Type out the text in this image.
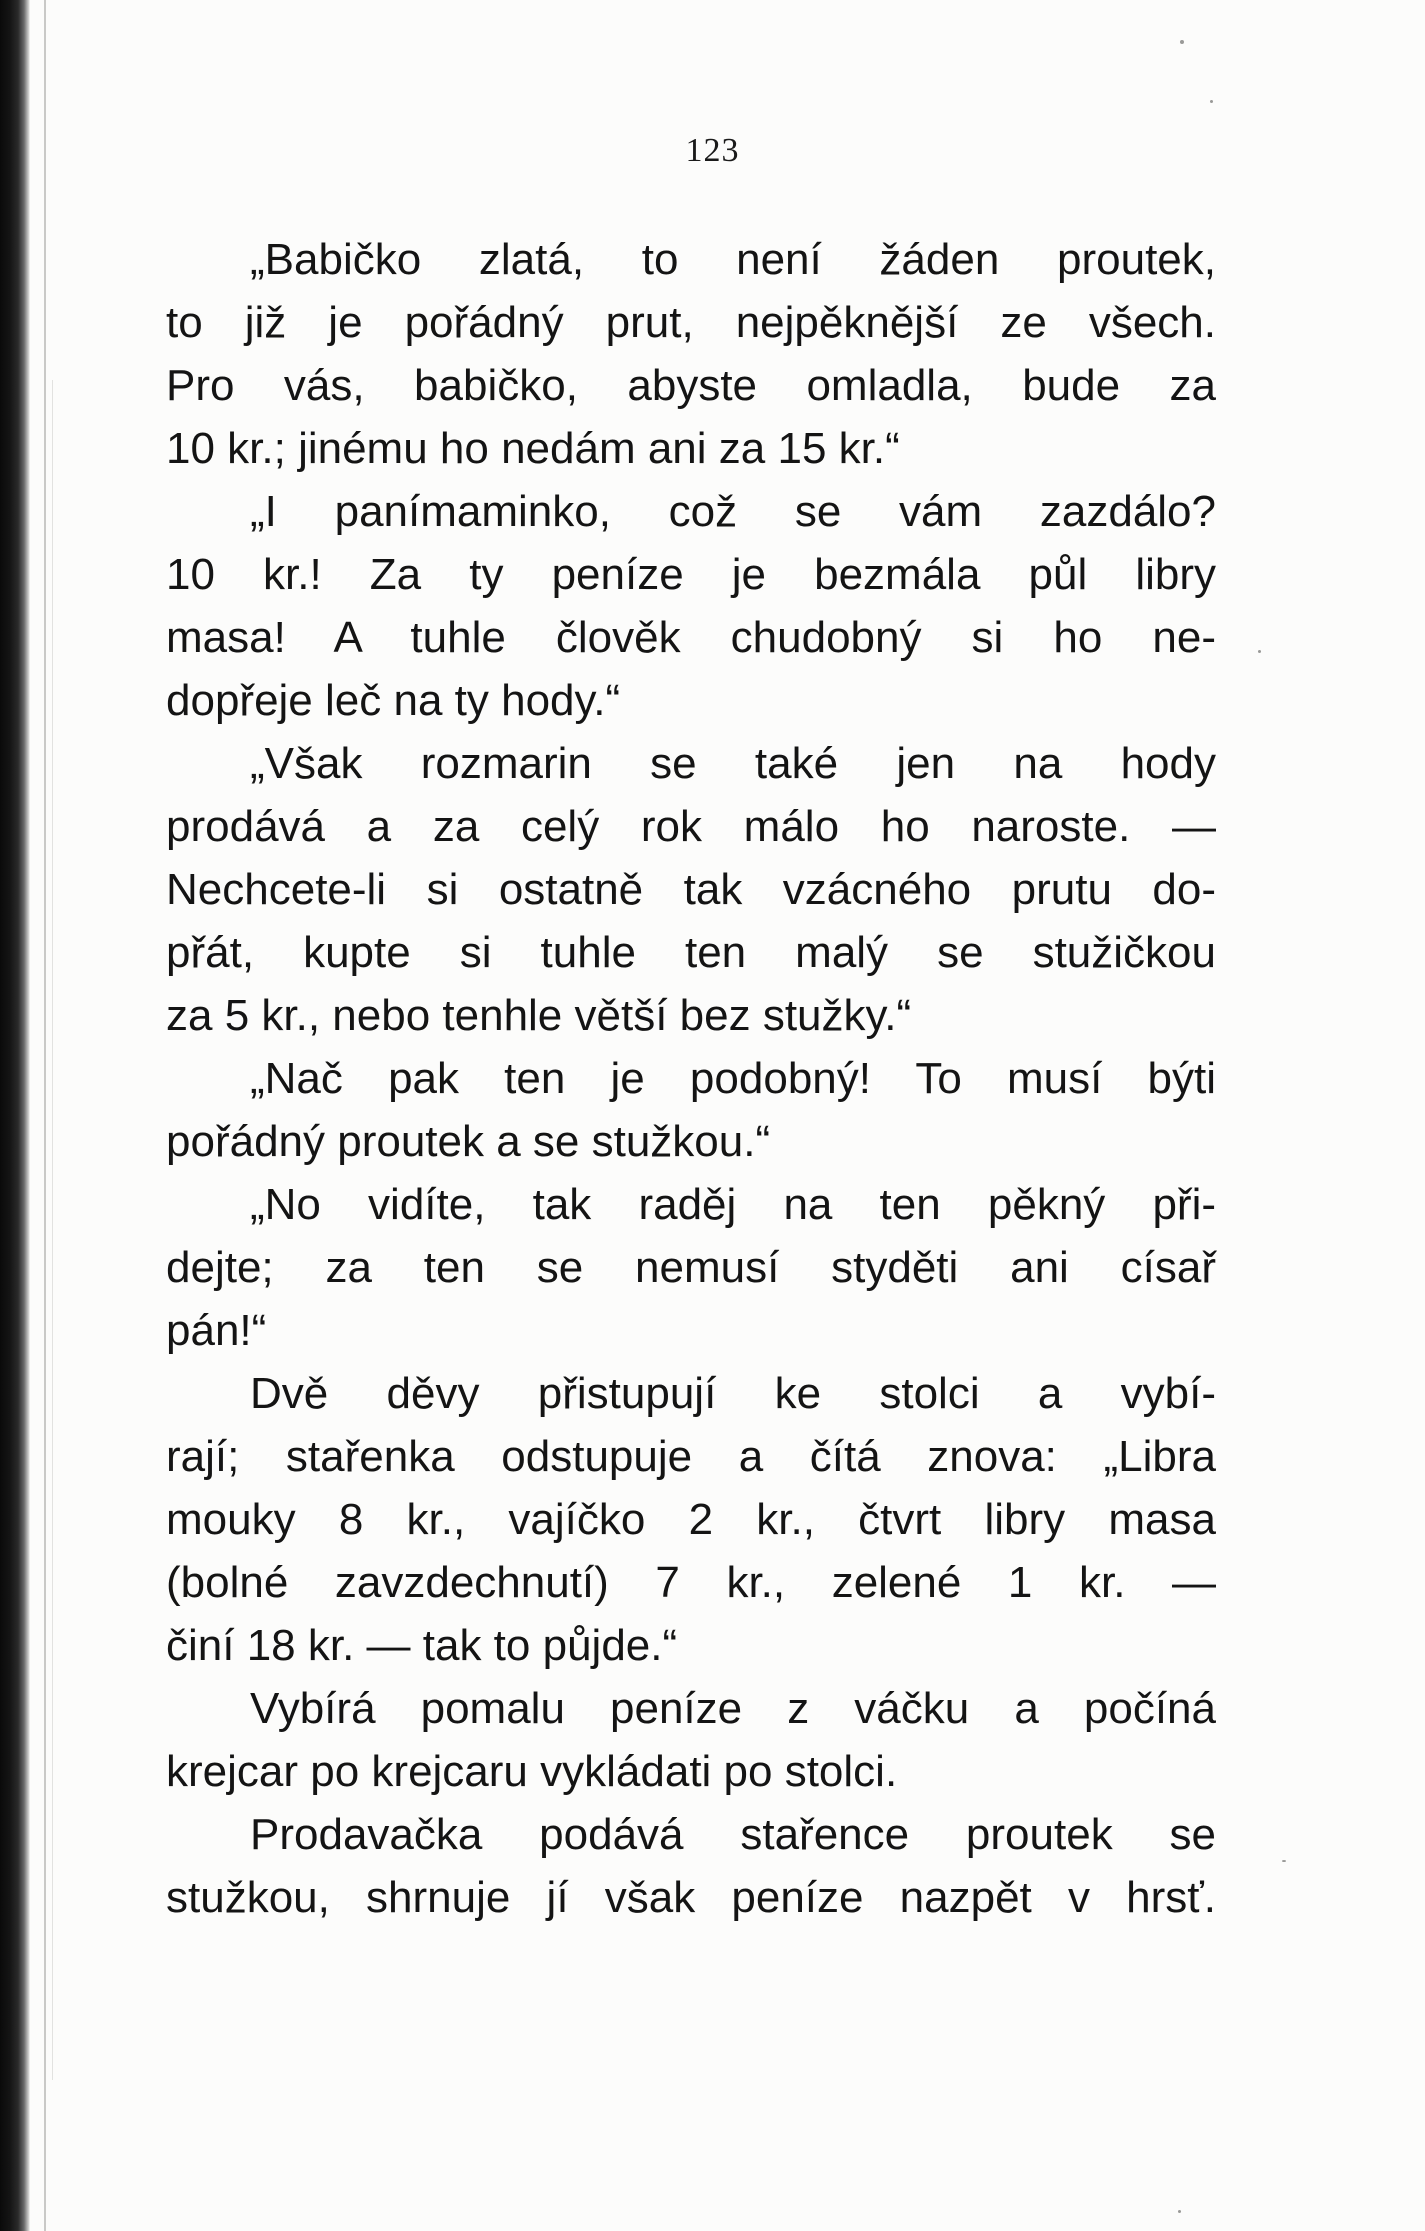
123
„Babičko zlatá, to není žáden proutek,
to již je pořádný prut, nejpěknější ze všech.
Pro vás, babičko, abyste omladla, bude za
10 kr.; jinému ho nedám ani za 15 kr.“
„I panímaminko, což se vám zazdálo?
10 kr.! Za ty peníze je bezmála půl libry
masa! A tuhle člověk chudobný si ho ne-
dopřeje leč na ty hody.“
„Však rozmarin se také jen na hody
prodává a za celý rok málo ho naroste. —
Nechcete-li si ostatně tak vzácného prutu do-
přát, kupte si tuhle ten malý se stužičkou
za 5 kr., nebo tenhle větší bez stužky.“
„Nač pak ten je podobný! To musí býti
pořádný proutek a se stužkou.“
„No vidíte, tak raděj na ten pěkný při-
dejte; za ten se nemusí styděti ani císař
pán!“
Dvě děvy přistupují ke stolci a vybí-
rají; stařenka odstupuje a čítá znova: „Libra
mouky 8 kr., vajíčko 2 kr., čtvrt libry masa
(bolné zavzdechnutí) 7 kr., zelené 1 kr. —
činí 18 kr. — tak to půjde.“
Vybírá pomalu peníze z váčku a počíná
krejcar po krejcaru vykládati po stolci.
Prodavačka podává stařence proutek se
stužkou, shrnuje jí však peníze nazpět v hrsť.
